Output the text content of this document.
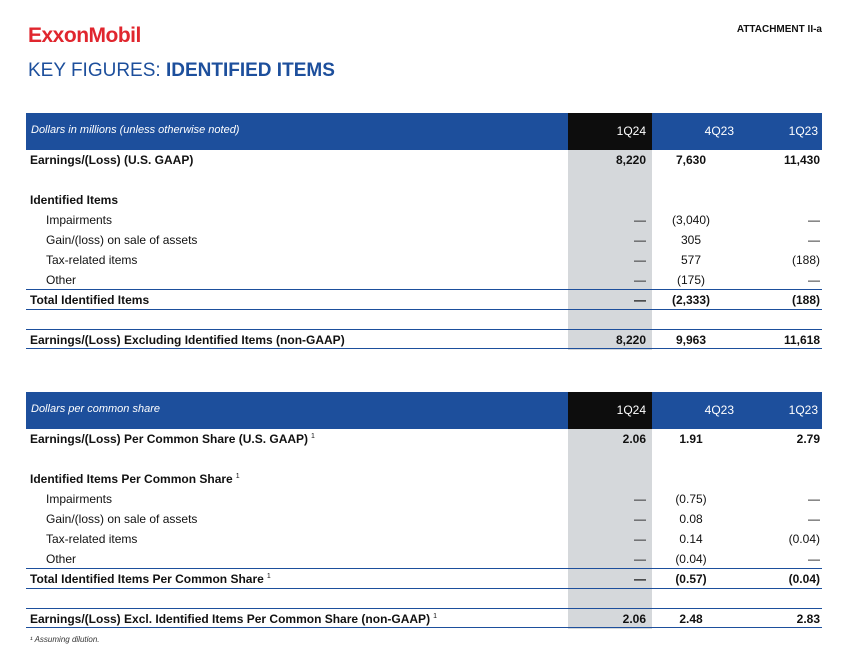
ExxonMobil	ATTACHMENT II-a
KEY FIGURES: IDENTIFIED ITEMS
Dollars in millions (unless otherwise noted)	1Q24	4Q23	1Q23
Earnings/(Loss) (U.S. GAAP)	8,220	7,630	11,430
Identified Items
Impairments	—	(3,040)	—
Gain/(loss) on sale of assets	—	305	—
Tax-related items	—	577	(188)
Other	—	(175)	—
Total Identified Items	—	(2,333)	(188)
Earnings/(Loss) Excluding Identified Items (non-GAAP)	8,220	9,963	11,618
Dollars per common share	1Q24	4Q23	1Q23
Earnings/(Loss) Per Common Share (U.S. GAAP) $^1$	2.06	1.91	2.79
Identified Items Per Common Share $^1$
Impairments	—	(0.75)	—
Gain/(loss) on sale of assets	—	0.08	—
Tax-related items	—	0.14	(0.04)
Other	—	(0.04)	—
Total Identified Items Per Common Share $^1$	—	(0.57)	(0.04)
Earnings/(Loss) Excl. Identified Items Per Common Share (non-GAAP) $^1$	2.06	2.48	2.83
¹ Assuming dilution.
